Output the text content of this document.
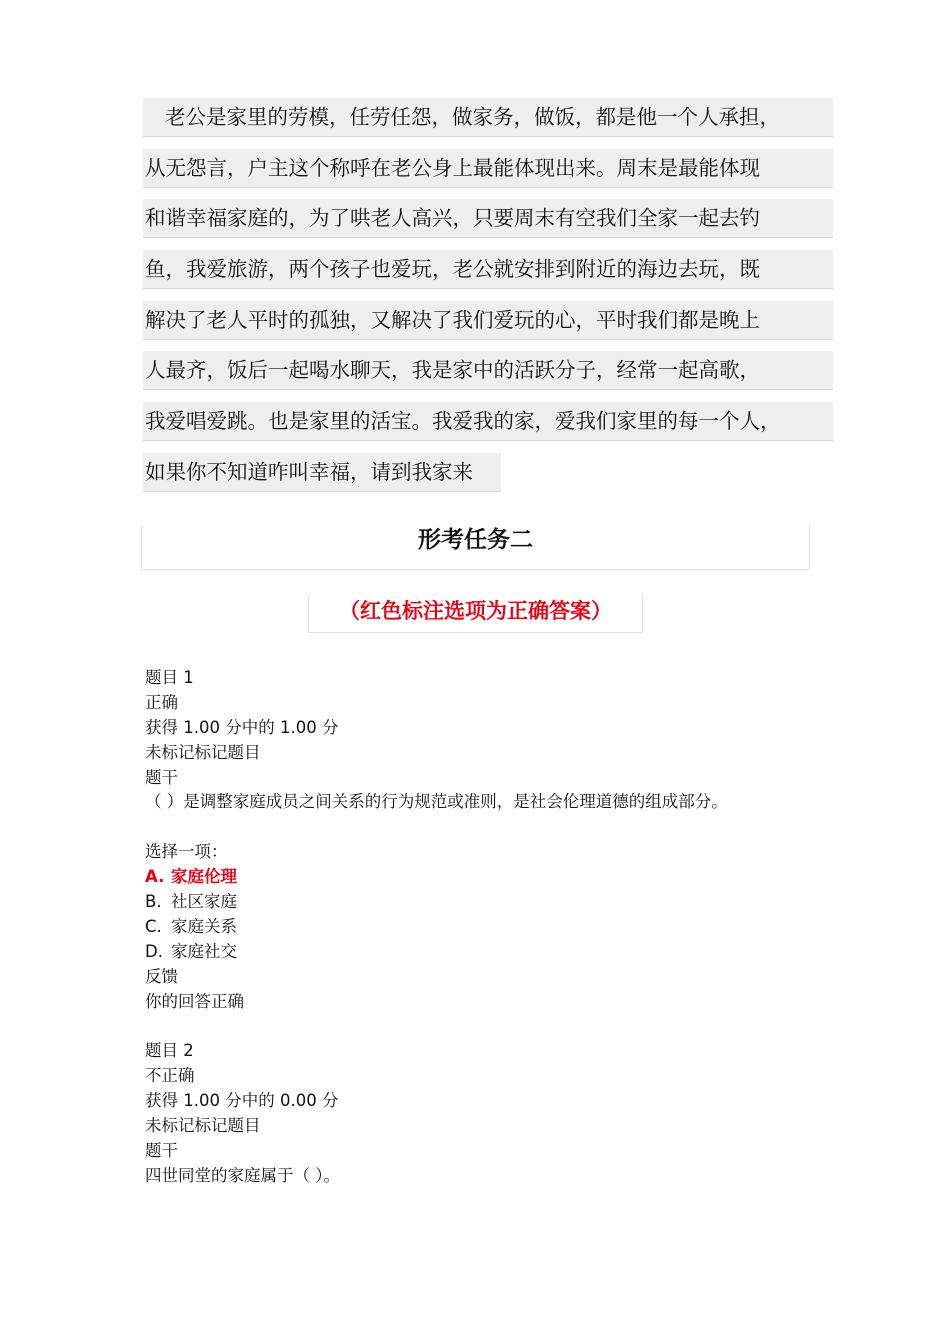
老公是家里的劳模，任劳任怨，做家务，做饭，都是他一个人承担，
从无怨言，户主这个称呼在老公身上最能体现出来。周末是最能体现
和谐幸福家庭的，为了哄老人高兴，只要周末有空我们全家一起去钓
鱼，我爱旅游，两个孩子也爱玩，老公就安排到附近的海边去玩，既
解决了老人平时的孤独，又解决了我们爱玩的心，平时我们都是晚上
人最齐，饭后一起喝水聊天，我是家中的活跃分子，经常一起高歌，
我爱唱爱跳。也是家里的活宝。我爱我的家，爱我们家里的每一个人，
如果你不知道咋叫幸福，请到我家来
形考任务二
（红色标注选项为正确答案）
题目 1
正确
获得 1.00 分中的 1.00 分
未标记标记题目
题干
（ ）是调整家庭成员之间关系的行为规范或准则，是社会伦理道德的组成部分。
选择一项：
A. 家庭伦理
B. 社区家庭
C. 家庭关系
D. 家庭社交
反馈
你的回答正确
题目 2
不正确
获得 1.00 分中的 0.00 分
未标记标记题目
题干
四世同堂的家庭属于（ ）。
